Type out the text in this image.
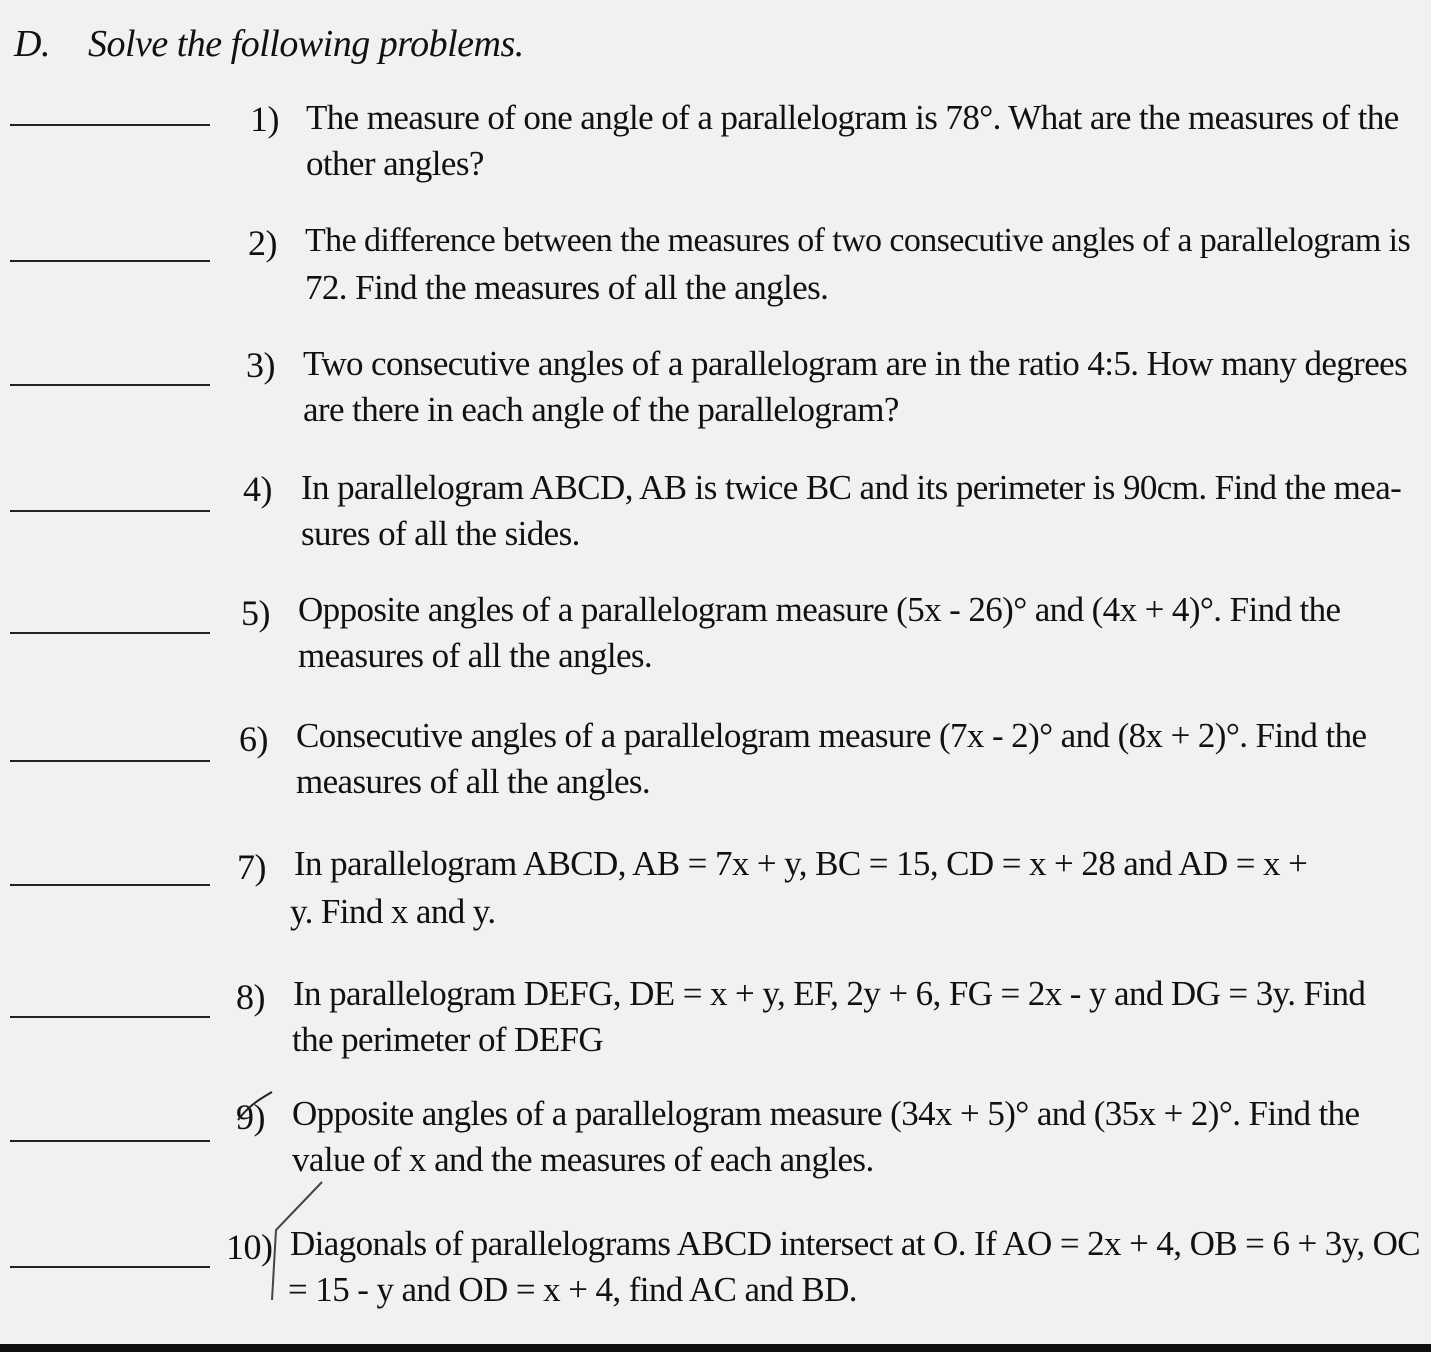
D. Solve the following problems.
1) The measure of one angle of a parallelogram is 78°. What are the measures of the
other angles?
2) The difference between the measures of two consecutive angles of a parallelogram is
72. Find the measures of all the angles.
3) Two consecutive angles of a parallelogram are in the ratio 4:5. How many degrees
are there in each angle of the parallelogram?
4) In parallelogram ABCD, AB is twice BC and its perimeter is 90cm. Find the mea-
sures of all the sides.
5) Opposite angles of a parallelogram measure (5x - 26)° and (4x + 4)°. Find the
measures of all the angles.
6) Consecutive angles of a parallelogram measure (7x - 2)° and (8x + 2)°. Find the
measures of all the angles.
7) In parallelogram ABCD, AB = 7x + y, BC = 15, CD = x + 28 and AD = x +
y. Find x and y.
8) In parallelogram DEFG, DE = x + y, EF, 2y + 6, FG = 2x - y and DG = 3y. Find
the perimeter of DEFG
9) Opposite angles of a parallelogram measure (34x + 5)° and (35x + 2)°. Find the
value of x and the measures of each angles.
10) Diagonals of parallelograms ABCD intersect at O. If AO = 2x + 4, OB = 6 + 3y, OC
= 15 - y and OD = x + 4, find AC and BD.
